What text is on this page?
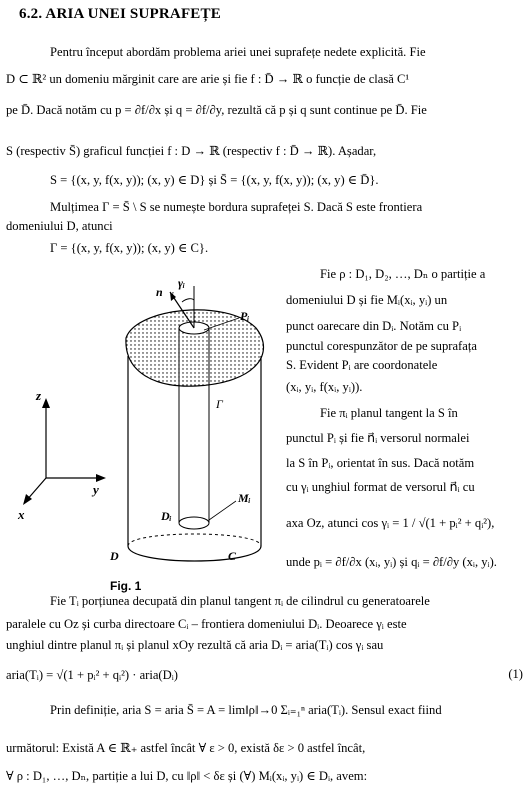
6.2. ARIA UNEI SUPRAFEȚE
Pentru început abordăm problema ariei unei suprafețe nedete explicită. Fie
D ⊂ ℝ² un domeniu mărginit care are arie și fie f : D̄ → ℝ o funcție de clasă C¹
pe D̄. Dacă notăm cu p = ∂f/∂x și q = ∂f/∂y, rezultă că p și q sunt continue pe D̄. Fie
S (respectiv S̄) graficul funcției f : D → ℝ (respectiv f : D̄ → ℝ). Așadar,
S = {(x, y, f(x, y)); (x, y) ∈ D} și S̄ = {(x, y, f(x, y)); (x, y) ∈ D̄}.
Mulțimea Γ = S̄ \ S se numește bordura suprafeței S. Dacă S este frontiera
domeniului D, atunci
Γ = {(x, y, f(x, y)); (x, y) ∈ C}.
n⃗ᵢ
γᵢ
Pᵢ
Γ
z
y
x
Mᵢ
Dᵢ
D	C
Fig. 1
Fie ρ : D₁, D₂, …, Dₙ o partiție a
domeniului D și fie Mᵢ(xᵢ, yᵢ) un
punct oarecare din Dᵢ. Notăm cu Pᵢ
punctul corespunzător de pe suprafața
S. Evident Pᵢ are coordonatele
(xᵢ, yᵢ, f(xᵢ, yᵢ)).
Fie πᵢ planul tangent la S în
punctul Pᵢ și fie n⃗ᵢ versorul normalei
la S în Pᵢ, orientat în sus. Dacă notăm
cu γᵢ unghiul format de versorul n⃗ᵢ cu
axa Oz, atunci cos γᵢ = 1 / √(1 + pᵢ² + qᵢ²),
unde pᵢ = ∂f/∂x (xᵢ, yᵢ) și qᵢ = ∂f/∂y (xᵢ, yᵢ).
Fie Tᵢ porțiunea decupată din planul tangent πᵢ de cilindrul cu generatoarele
paralele cu Oz și curba directoare Cᵢ – frontiera domeniului Dᵢ. Deoarece γᵢ este
unghiul dintre planul πᵢ și planul xOy rezultă că aria Dᵢ = aria(Tᵢ) cos γᵢ sau
aria(Tᵢ) = √(1 + pᵢ² + qᵢ²) · aria(Dᵢ)	(1)
Prin definiție, aria S = aria S̄ = A = lim‖ρ‖→0 Σᵢ₌₁ⁿ aria(Tᵢ). Sensul exact fiind
următorul: Există A ∈ ℝ₊ astfel încât ∀ ε > 0, există δε > 0 astfel încât,
∀ ρ : D₁, …, Dₙ, partiție a lui D, cu ‖ρ‖ < δε și (∀) Mᵢ(xᵢ, yᵢ) ∈ Dᵢ, avem:
